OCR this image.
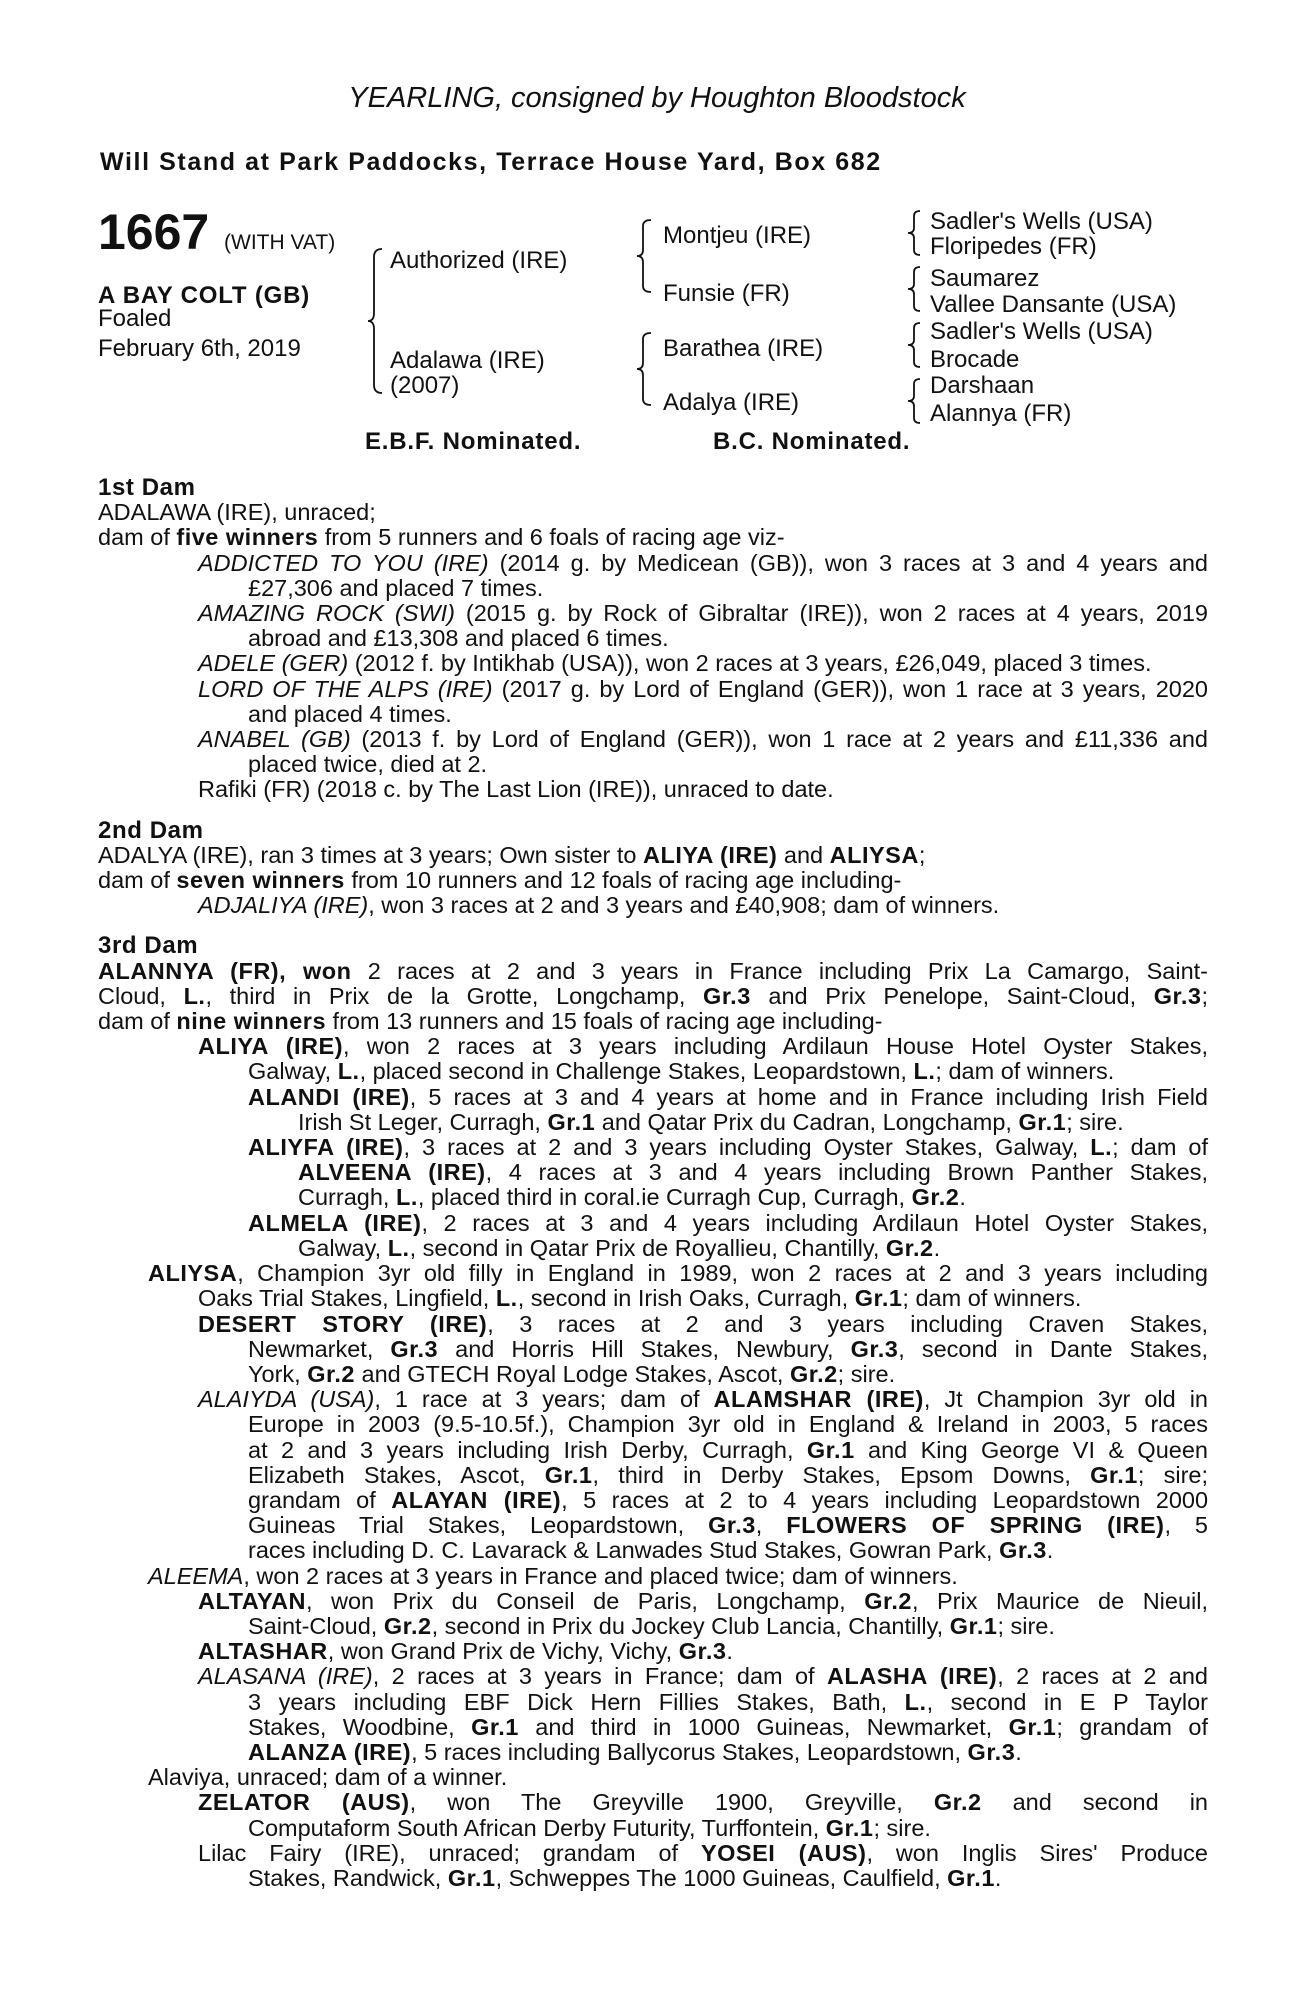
YEARLING, consigned by Houghton Bloodstock
Will Stand at Park Paddocks, Terrace House Yard, Box 682
1667 (WITH VAT)
A BAY COLT (GB)
Foaled
February 6th, 2019
Authorized (IRE)
Adalawa (IRE)
(2007)
Montjeu (IRE)
Funsie (FR)
Barathea (IRE)
Adalya (IRE)
Sadler's Wells (USA)
Floripedes (FR)
Saumarez
Vallee Dansante (USA)
Sadler's Wells (USA)
Brocade
Darshaan
Alannya (FR)
E.B.F. Nominated.	B.C. Nominated.
1st Dam
ADALAWA (IRE), unraced;
dam of five winners from 5 runners and 6 foals of racing age viz-
ADDICTED TO YOU (IRE) (2014 g. by Medicean (GB)), won 3 races at 3 and 4 years and
£27,306 and placed 7 times.
AMAZING ROCK (SWI) (2015 g. by Rock of Gibraltar (IRE)), won 2 races at 4 years, 2019
abroad and £13,308 and placed 6 times.
ADELE (GER) (2012 f. by Intikhab (USA)), won 2 races at 3 years, £26,049, placed 3 times.
LORD OF THE ALPS (IRE) (2017 g. by Lord of England (GER)), won 1 race at 3 years, 2020
and placed 4 times.
ANABEL (GB) (2013 f. by Lord of England (GER)), won 1 race at 2 years and £11,336 and
placed twice, died at 2.
Rafiki (FR) (2018 c. by The Last Lion (IRE)), unraced to date.
2nd Dam
ADALYA (IRE), ran 3 times at 3 years; Own sister to ALIYA (IRE) and ALIYSA;
dam of seven winners from 10 runners and 12 foals of racing age including-
ADJALIYA (IRE), won 3 races at 2 and 3 years and £40,908; dam of winners.
3rd Dam
ALANNYA (FR), won 2 races at 2 and 3 years in France including Prix La Camargo, Saint-
Cloud, L., third in Prix de la Grotte, Longchamp, Gr.3 and Prix Penelope, Saint-Cloud, Gr.3;
dam of nine winners from 13 runners and 15 foals of racing age including-
ALIYA (IRE), won 2 races at 3 years including Ardilaun House Hotel Oyster Stakes,
Galway, L., placed second in Challenge Stakes, Leopardstown, L.; dam of winners.
ALANDI (IRE), 5 races at 3 and 4 years at home and in France including Irish Field
Irish St Leger, Curragh, Gr.1 and Qatar Prix du Cadran, Longchamp, Gr.1; sire.
ALIYFA (IRE), 3 races at 2 and 3 years including Oyster Stakes, Galway, L.; dam of
ALVEENA (IRE), 4 races at 3 and 4 years including Brown Panther Stakes,
Curragh, L., placed third in coral.ie Curragh Cup, Curragh, Gr.2.
ALMELA (IRE), 2 races at 3 and 4 years including Ardilaun Hotel Oyster Stakes,
Galway, L., second in Qatar Prix de Royallieu, Chantilly, Gr.2.
ALIYSA, Champion 3yr old filly in England in 1989, won 2 races at 2 and 3 years including
Oaks Trial Stakes, Lingfield, L., second in Irish Oaks, Curragh, Gr.1; dam of winners.
DESERT STORY (IRE), 3 races at 2 and 3 years including Craven Stakes,
Newmarket, Gr.3 and Horris Hill Stakes, Newbury, Gr.3, second in Dante Stakes,
York, Gr.2 and GTECH Royal Lodge Stakes, Ascot, Gr.2; sire.
ALAIYDA (USA), 1 race at 3 years; dam of ALAMSHAR (IRE), Jt Champion 3yr old in
Europe in 2003 (9.5-10.5f.), Champion 3yr old in England & Ireland in 2003, 5 races
at 2 and 3 years including Irish Derby, Curragh, Gr.1 and King George VI & Queen
Elizabeth Stakes, Ascot, Gr.1, third in Derby Stakes, Epsom Downs, Gr.1; sire;
grandam of ALAYAN (IRE), 5 races at 2 to 4 years including Leopardstown 2000
Guineas Trial Stakes, Leopardstown, Gr.3, FLOWERS OF SPRING (IRE), 5
races including D. C. Lavarack & Lanwades Stud Stakes, Gowran Park, Gr.3.
ALEEMA, won 2 races at 3 years in France and placed twice; dam of winners.
ALTAYAN, won Prix du Conseil de Paris, Longchamp, Gr.2, Prix Maurice de Nieuil,
Saint-Cloud, Gr.2, second in Prix du Jockey Club Lancia, Chantilly, Gr.1; sire.
ALTASHAR, won Grand Prix de Vichy, Vichy, Gr.3.
ALASANA (IRE), 2 races at 3 years in France; dam of ALASHA (IRE), 2 races at 2 and
3 years including EBF Dick Hern Fillies Stakes, Bath, L., second in E P Taylor
Stakes, Woodbine, Gr.1 and third in 1000 Guineas, Newmarket, Gr.1; grandam of
ALANZA (IRE), 5 races including Ballycorus Stakes, Leopardstown, Gr.3.
Alaviya, unraced; dam of a winner.
ZELATOR (AUS), won The Greyville 1900, Greyville, Gr.2 and second in
Computaform South African Derby Futurity, Turffontein, Gr.1; sire.
Lilac Fairy (IRE), unraced; grandam of YOSEI (AUS), won Inglis Sires' Produce
Stakes, Randwick, Gr.1, Schweppes The 1000 Guineas, Caulfield, Gr.1.
